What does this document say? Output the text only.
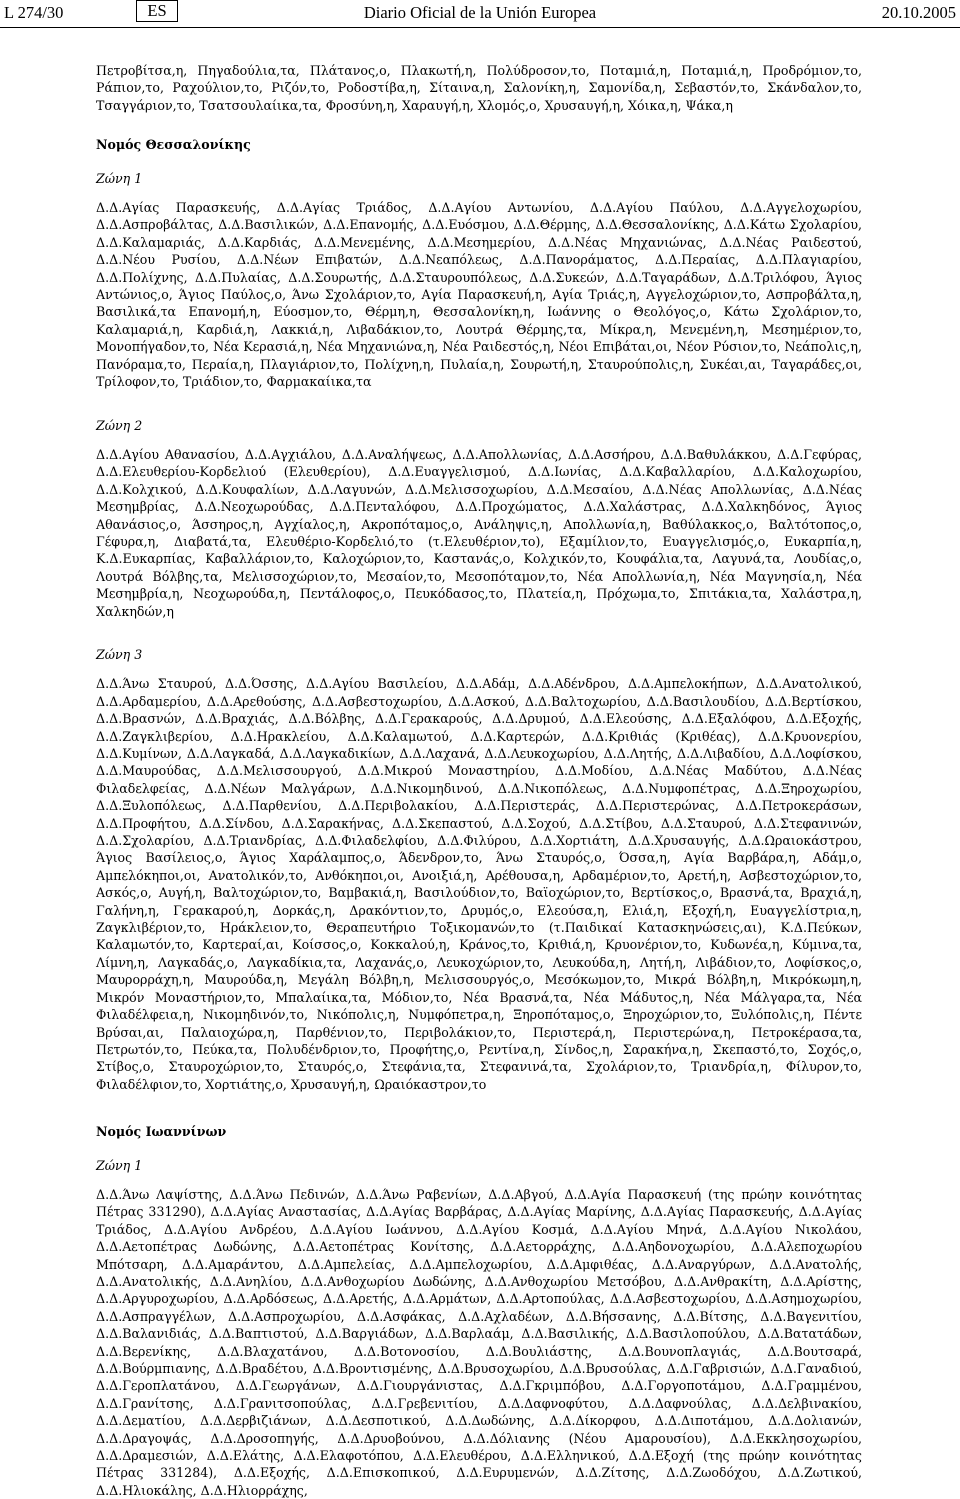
L 274/30	ES	Diario Oficial de la Unión Europea	20.10.2005

Πετροβίτσα,η, Πηγαδούλια,τα, Πλάτανος,ο, Πλακωτή,η, Πολύδροσον,το, Ποταμιά,η, Ποταμιά,η, Προδρόμιον,το, Ράπιον,το, Ραχούλιον,το, Ριζόν,το, Ροδοστίβα,η, Σίταινα,η, Σαλονίκη,η, Σαμονίδα,η, Σεβαστόν,το, Σκάνδαλον,το, Τσαγγάριον,το, Τσατσουλαίικα,τα, Φροσύνη,η, Χαραυγή,η, Χλομός,ο, Χρυσαυγή,η, Χόικα,η, Ψάκα,η

Νομός Θεσσαλονίκης

Ζώνη 1

Δ.Δ.Αγίας Παρασκευής, Δ.Δ.Αγίας Τριάδος, Δ.Δ.Αγίου Αντωνίου, Δ.Δ.Αγίου Παύλου, Δ.Δ.Αγγελοχωρίου, Δ.Δ.Ασπροβάλτας, Δ.Δ.Βασιλικών, Δ.Δ.Επανομής, Δ.Δ.Ευόσμου, Δ.Δ.Θέρμης, Δ.Δ.Θεσσαλονίκης, Δ.Δ.Κάτω Σχολαρίου, Δ.Δ.Καλαμαριάς, Δ.Δ.Καρδιάς, Δ.Δ.Μενεμένης, Δ.Δ.Μεσημερίου, Δ.Δ.Νέας Μηχανιώνας, Δ.Δ.Νέας Ραιδεστού, Δ.Δ.Νέου Ρυσίου, Δ.Δ.Νέων Επιβατών, Δ.Δ.Νεαπόλεως, Δ.Δ.Πανοράματος, Δ.Δ.Περαίας, Δ.Δ.Πλαγιαρίου, Δ.Δ.Πολίχνης, Δ.Δ.Πυλαίας, Δ.Δ.Σουρωτής, Δ.Δ.Σταυρουπόλεως, Δ.Δ.Συκεών, Δ.Δ.Ταγαράδων, Δ.Δ.Τριλόφου, Άγιος Αντώνιος,ο, Άγιος Παύλος,ο, Άνω Σχολάριον,το, Αγία Παρασκευή,η, Αγία Τριάς,η, Αγγελοχώριον,το, Ασπροβάλτα,η, Βασιλικά,τα Επανομή,η, Εύοσμον,το, Θέρμη,η, Θεσσαλονίκη,η, Ιωάννης ο Θεολόγος,ο, Κάτω Σχολάριον,το, Καλαμαριά,η, Καρδιά,η, Λακκιά,η, Λιβαδάκιον,το, Λουτρά Θέρμης,τα, Μίκρα,η, Μενεμένη,η, Μεσημέριον,το, Μονοπήγαδον,το, Νέα Κερασιά,η, Νέα Μηχανιώνα,η, Νέα Ραιδεστός,η, Νέοι Επιβάται,οι, Νέον Ρύσιον,το, Νεάπολις,η, Πανόραμα,το, Περαία,η, Πλαγιάριον,το, Πολίχνη,η, Πυλαία,η, Σουρωτή,η, Σταυρούπολις,η, Συκέαι,αι, Ταγαράδες,οι, Τρίλοφον,το, Τριάδιον,το, Φαρμακαίικα,τα

Ζώνη 2

Δ.Δ.Αγίου Αθανασίου, Δ.Δ.Αγχιάλου, Δ.Δ.Αναλήψεως, Δ.Δ.Απολλωνίας, Δ.Δ.Ασσήρου, Δ.Δ.Βαθυλάκκου, Δ.Δ.Γεφύρας, Δ.Δ.Ελευθερίου-Κορδελιού (Ελευθερίου), Δ.Δ.Ευαγγελισμού, Δ.Δ.Ιωνίας, Δ.Δ.Καβαλλαρίου, Δ.Δ.Καλοχωρίου, Δ.Δ.Κολχικού, Δ.Δ.Κουφαλίων, Δ.Δ.Λαγυνών, Δ.Δ.Μελισσοχωρίου, Δ.Δ.Μεσαίου, Δ.Δ.Νέας Απολλωνίας, Δ.Δ.Νέας Μεσημβρίας, Δ.Δ.Νεοχωρούδας, Δ.Δ.Πενταλόφου, Δ.Δ.Προχώματος, Δ.Δ.Χαλάστρας, Δ.Δ.Χαλκηδόνος, Άγιος Αθανάσιος,ο, Άσσηρος,η, Αγχίαλος,η, Ακροπόταμος,ο, Ανάληψις,η, Απολλωνία,η, Βαθύλακκος,ο, Βαλτότοπος,ο, Γέφυρα,η, Διαβατά,τα, Ελευθέριο-Κορδελιό,το (τ.Ελευθέριον,το), Εξαμίλιον,το, Ευαγγελισμός,ο, Ευκαρπία,η, Κ.Δ.Ευκαρπίας, Καβαλλάριον,το, Καλοχώριον,το, Καστανάς,ο, Κολχικόν,το, Κουφάλια,τα, Λαγυνά,τα, Λουδίας,ο, Λουτρά Βόλβης,τα, Μελισσοχώριον,το, Μεσαίον,το, Μεσοπόταμον,το, Νέα Απολλωνία,η, Νέα Μαγνησία,η, Νέα Μεσημβρία,η, Νεοχωρούδα,η, Πεντάλοφος,ο, Πευκόδασος,το, Πλατεία,η, Πρόχωμα,το, Σπιτάκια,τα, Χαλάστρα,η, Χαλκηδών,η

Ζώνη 3

Δ.Δ.Άνω Σταυρού, Δ.Δ.Όσσης, Δ.Δ.Αγίου Βασιλείου, Δ.Δ.Αδάμ, Δ.Δ.Αδένδρου, Δ.Δ.Αμπελοκήπων, Δ.Δ.Ανατολικού, Δ.Δ.Αρδαμερίου, Δ.Δ.Αρεθούσης, Δ.Δ.Ασβεστοχωρίου, Δ.Δ.Ασκού, Δ.Δ.Βαλτοχωρίου, Δ.Δ.Βασιλουδίου, Δ.Δ.Βερτίσκου, Δ.Δ.Βρασνών, Δ.Δ.Βραχιάς, Δ.Δ.Βόλβης, Δ.Δ.Γερακαρούς, Δ.Δ.Δρυμού, Δ.Δ.Ελεούσης, Δ.Δ.Εξαλόφου, Δ.Δ.Εξοχής, Δ.Δ.Ζαγκλιβερίου, Δ.Δ.Ηρακλείου, Δ.Δ.Καλαμωτού, Δ.Δ.Καρτερών, Δ.Δ.Κριθιάς (Κριθέας), Δ.Δ.Κρυονερίου, Δ.Δ.Κυμίνων, Δ.Δ.Λαγκαδά, Δ.Δ.Λαγκαδικίων, Δ.Δ.Λαχανά, Δ.Δ.Λευκοχωρίου, Δ.Δ.Λητής, Δ.Δ.Λιβαδίου, Δ.Δ.Λοφίσκου, Δ.Δ.Μαυρούδας, Δ.Δ.Μελισσουργού, Δ.Δ.Μικρού Μοναστηρίου, Δ.Δ.Μοδίου, Δ.Δ.Νέας Μαδύτου, Δ.Δ.Νέας Φιλαδελφείας, Δ.Δ.Νέων Μαλγάρων, Δ.Δ.Νικομηδινού, Δ.Δ.Νικοπόλεως, Δ.Δ.Νυμφοπέτρας, Δ.Δ.Ξηροχωρίου, Δ.Δ.Ξυλοπόλεως, Δ.Δ.Παρθενίου, Δ.Δ.Περιβολακίου, Δ.Δ.Περιστεράς, Δ.Δ.Περιστερώνας, Δ.Δ.Πετροκεράσων, Δ.Δ.Προφήτου, Δ.Δ.Σίνδου, Δ.Δ.Σαρακήνας, Δ.Δ.Σκεπαστού, Δ.Δ.Σοχού, Δ.Δ.Στίβου, Δ.Δ.Σταυρού, Δ.Δ.Στεφανινών, Δ.Δ.Σχολαρίου, Δ.Δ.Τριανδρίας, Δ.Δ.Φιλαδελφίου, Δ.Δ.Φιλύρου, Δ.Δ.Χορτιάτη, Δ.Δ.Χρυσαυγής, Δ.Δ.Ωραιοκάστρου, Άγιος Βασίλειος,ο, Άγιος Χαράλαμπος,ο, Άδενδρον,το, Άνω Σταυρός,ο, Όσσα,η, Αγία Βαρβάρα,η, Αδάμ,ο, Αμπελόκηποι,οι, Ανατολικόν,το, Ανθόκηποι,οι, Ανοιξιά,η, Αρέθουσα,η, Αρδαμέριον,το, Αρετή,η, Ασβεστοχώριον,το, Ασκός,ο, Αυγή,η, Βαλτοχώριον,το, Βαμβακιά,η, Βασιλούδιον,το, Βαϊοχώριον,το, Βερτίσκος,ο, Βρασνά,τα, Βραχιά,η, Γαλήνη,η, Γερακαρού,η, Δορκάς,η, Δρακόντιον,το, Δρυμός,ο, Ελεούσα,η, Ελιά,η, Εξοχή,η, Ευαγγελίστρια,η, Ζαγκλιβέριον,το, Ηράκλειον,το, Θεραπευτήριο Τοξικομανών,το (τ.Παιδικαί Κατασκηνώσεις,αι), Κ.Δ.Πεύκων, Καλαμωτόν,το, Καρτεραί,αι, Κοίσσος,ο, Κοκκαλού,η, Κράνος,το, Κριθιά,η, Κρυονέριον,το, Κυδωνέα,η, Κύμινα,τα, Λίμνη,η, Λαγκαδάς,ο, Λαγκαδίκια,τα, Λαχανάς,ο, Λευκοχώριον,το, Λευκούδα,η, Λητή,η, Λιβάδιον,το, Λοφίσκος,ο, Μαυρορράχη,η, Μαυρούδα,η, Μεγάλη Βόλβη,η, Μελισσουργός,ο, Μεσόκωμον,το, Μικρά Βόλβη,η, Μικρόκωμη,η, Μικρόν Μοναστήριον,το, Μπαλαίικα,τα, Μόδιον,το, Νέα Βρασνά,τα, Νέα Μάδυτος,η, Νέα Μάλγαρα,τα, Νέα Φιλαδέλφεια,η, Νικομηδινόν,το, Νικόπολις,η, Νυμφόπετρα,η, Ξηροπόταμος,ο, Ξηροχώριον,το, Ξυλόπολις,η, Πέντε Βρύσαι,αι, Παλαιοχώρα,η, Παρθένιον,το, Περιβολάκιον,το, Περιστερά,η, Περιστερώνα,η, Πετροκέρασα,τα, Πετρωτόν,το, Πεύκα,τα, Πολυδένδριον,το, Προφήτης,ο, Ρεντίνα,η, Σίνδος,η, Σαρακήνα,η, Σκεπαστό,το, Σοχός,ο, Στίβος,ο, Σταυροχώριον,το, Σταυρός,ο, Στεφάνια,τα, Στεφανινά,τα, Σχολάριον,το, Τριανδρία,η, Φίλυρον,το, Φιλαδέλφιον,το, Χορτιάτης,ο, Χρυσαυγή,η, Ωραιόκαστρον,το

Νομός Ιωαννίνων

Ζώνη 1

Δ.Δ.Άνω Λαψίστης, Δ.Δ.Άνω Πεδινών, Δ.Δ.Άνω Ραβενίων, Δ.Δ.Αβγού, Δ.Δ.Αγία Παρασκευή (της πρώην κοινότητας Πέτρας 331290), Δ.Δ.Αγίας Αναστασίας, Δ.Δ.Αγίας Βαρβάρας, Δ.Δ.Αγίας Μαρίνης, Δ.Δ.Αγίας Παρασκευής, Δ.Δ.Αγίας Τριάδος, Δ.Δ.Αγίου Ανδρέου, Δ.Δ.Αγίου Ιωάννου, Δ.Δ.Αγίου Κοσμά, Δ.Δ.Αγίου Μηνά, Δ.Δ.Αγίου Νικολάου, Δ.Δ.Αετοπέτρας Δωδώνης, Δ.Δ.Αετοπέτρας Κονίτσης, Δ.Δ.Αετορράχης, Δ.Δ.Αηδονοχωρίου, Δ.Δ.Αλεποχωρίου Μπότσαρη, Δ.Δ.Αμαράντου, Δ.Δ.Αμπελείας, Δ.Δ.Αμπελοχωρίου, Δ.Δ.Αμφιθέας, Δ.Δ.Αναργύρων, Δ.Δ.Ανατολής, Δ.Δ.Ανατολικής, Δ.Δ.Ανηλίου, Δ.Δ.Ανθοχωρίου Δωδώνης, Δ.Δ.Ανθοχωρίου Μετσόβου, Δ.Δ.Ανθρακίτη, Δ.Δ.Αρίστης, Δ.Δ.Αργυροχωρίου, Δ.Δ.Αρδόσεως, Δ.Δ.Αρετής, Δ.Δ.Αρμάτων, Δ.Δ.Αρτοπούλας, Δ.Δ.Ασβεστοχωρίου, Δ.Δ.Ασημοχωρίου, Δ.Δ.Ασπραγγέλων, Δ.Δ.Ασπροχωρίου, Δ.Δ.Ασφάκας, Δ.Δ.Αχλαδέων, Δ.Δ.Βήσσανης, Δ.Δ.Βίτσης, Δ.Δ.Βαγενιτίου, Δ.Δ.Βαλανιδιάς, Δ.Δ.Βαπτιστού, Δ.Δ.Βαργιάδων, Δ.Δ.Βαρλαάμ, Δ.Δ.Βασιλικής, Δ.Δ.Βασιλοπούλου, Δ.Δ.Βατατάδων, Δ.Δ.Βερενίκης, Δ.Δ.Βλαχατάνου, Δ.Δ.Βοτονοσίου, Δ.Δ.Βουλιάστης, Δ.Δ.Βουνοπλαγιάς, Δ.Δ.Βουτσαρά, Δ.Δ.Βούρμπιανης, Δ.Δ.Βραδέτου, Δ.Δ.Βροντισμένης, Δ.Δ.Βρυσοχωρίου, Δ.Δ.Βρυσούλας, Δ.Δ.Γαβρισιών, Δ.Δ.Γαναδιού, Δ.Δ.Γεροπλατάνου, Δ.Δ.Γεωργάνων, Δ.Δ.Γιουργάνιστας, Δ.Δ.Γκριμπόβου, Δ.Δ.Γοργοποτάμου, Δ.Δ.Γραμμένου, Δ.Δ.Γρανίτσης, Δ.Δ.Γρανιτσοπούλας, Δ.Δ.Γρεβενιτίου, Δ.Δ.Δαφνοφύτου, Δ.Δ.Δαφνούλας, Δ.Δ.Δελβινακίου, Δ.Δ.Δεματίου, Δ.Δ.Δερβιζιάνων, Δ.Δ.Δεσποτικού, Δ.Δ.Δωδώνης, Δ.Δ.Δίκορφου, Δ.Δ.Διποτάμου, Δ.Δ.Δολιανών, Δ.Δ.Δραγοψάς, Δ.Δ.Δροσοπηγής, Δ.Δ.Δρυοβούνου, Δ.Δ.Δόλιανης (Νέου Αμαρουσίου), Δ.Δ.Εκκλησοχωρίου, Δ.Δ.Δραμεσιών, Δ.Δ.Ελάτης, Δ.Δ.Ελαφοτόπου, Δ.Δ.Ελευθέρου, Δ.Δ.Ελληνικού, Δ.Δ.Εξοχή (της πρώην κοινότητας Πέτρας 331284), Δ.Δ.Εξοχής, Δ.Δ.Επισκοπικού, Δ.Δ.Ευρυμενών, Δ.Δ.Ζίτσης, Δ.Δ.Ζωοδόχου, Δ.Δ.Ζωτικού, Δ.Δ.Ηλιοκάλης, Δ.Δ.Ηλιορράχης,
